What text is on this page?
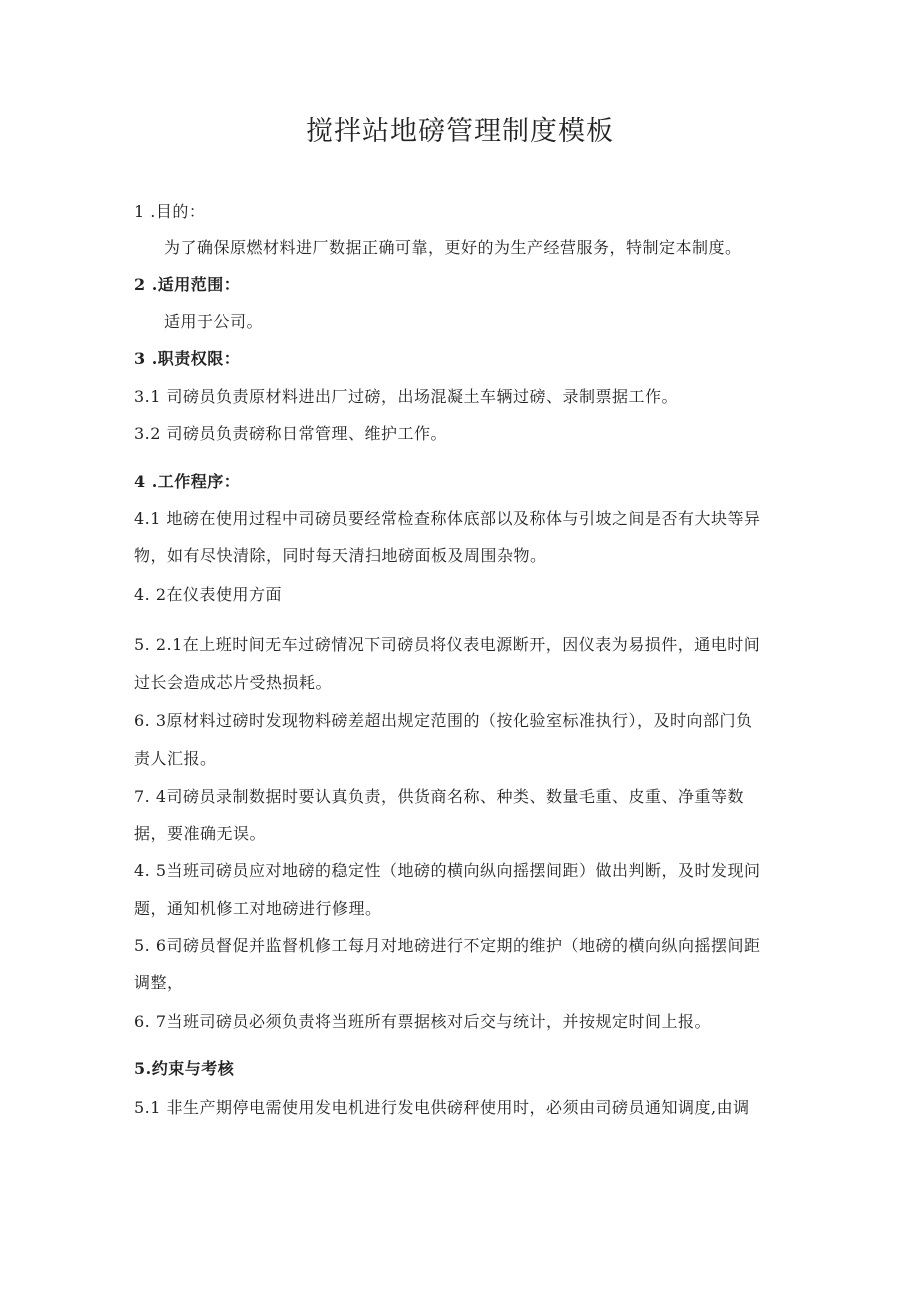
搅拌站地磅管理制度模板
1 .目的：
为了确保原燃材料进厂数据正确可靠，更好的为生产经营服务，特制定本制度。
2 .适用范围：
适用于公司。
3 .职责权限：
3.1 司磅员负责原材料进出厂过磅，出场混凝土车辆过磅、录制票据工作。
3.2 司磅员负责磅称日常管理、维护工作。
4 .工作程序：
4.1 地磅在使用过程中司磅员要经常检查称体底部以及称体与引坡之间是否有大块等异
物，如有尽快清除，同时每天清扫地磅面板及周围杂物。
4. 2在仪表使用方面
5. 2.1在上班时间无车过磅情况下司磅员将仪表电源断开，因仪表为易损件，通电时间
过长会造成芯片受热损耗。
6. 3原材料过磅时发现物料磅差超出规定范围的（按化验室标准执行），及时向部门负
责人汇报。
7. 4司磅员录制数据时要认真负责，供货商名称、种类、数量毛重、皮重、净重等数
据，要准确无误。
4. 5当班司磅员应对地磅的稳定性（地磅的横向纵向摇摆间距）做出判断，及时发现问
题，通知机修工对地磅进行修理。
5. 6司磅员督促并监督机修工每月对地磅进行不定期的维护（地磅的横向纵向摇摆间距
调整，
6. 7当班司磅员必须负责将当班所有票据核对后交与统计，并按规定时间上报。
5.约束与考核
5.1 非生产期停电需使用发电机进行发电供磅秤使用时，必须由司磅员通知调度,由调
